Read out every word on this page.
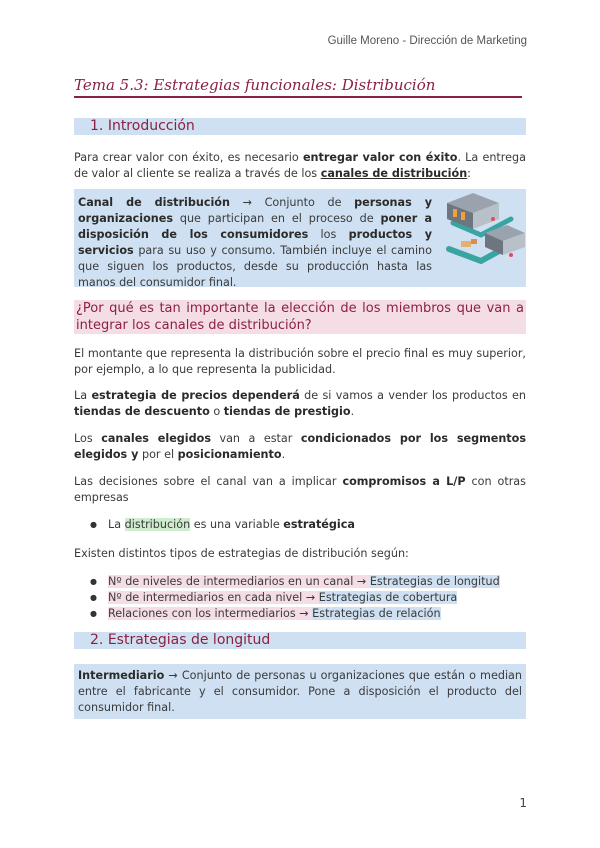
Guille Moreno - Dirección de Marketing
Tema 5.3: Estrategias funcionales: Distribución
1. Introducción

Para crear valor con éxito, es necesario entregar valor con éxito. La entrega de valor al cliente se realiza a través de los canales de distribución:

Canal de distribución → Conjunto de personas y organizaciones que participan en el proceso de poner a disposición de los consumidores los productos y servicios para su uso y consumo. También incluye el camino que siguen los productos, desde su producción hasta las manos del consumidor final.

¿Por qué es tan importante la elección de los miembros que van a integrar los canales de distribución?

El montante que representa la distribución sobre el precio final es muy superior, por ejemplo, a lo que representa la publicidad.

La estrategia de precios dependerá de si vamos a vender los productos en tiendas de descuento o tiendas de prestigio.

Los canales elegidos van a estar condicionados por los segmentos elegidos y por el posicionamiento.

Las decisiones sobre el canal van a implicar compromisos a L/P con otras empresas

● La distribución es una variable estratégica

Existen distintos tipos de estrategias de distribución según:

● Nº de niveles de intermediarios en un canal → Estrategias de longitud
● Nº de intermediarios en cada nivel → Estrategias de cobertura
● Relaciones con los intermediarios → Estrategias de relación
2. Estrategias de longitud

Intermediario → Conjunto de personas u organizaciones que están o median entre el fabricante y el consumidor. Pone a disposición el producto del consumidor final.

1
